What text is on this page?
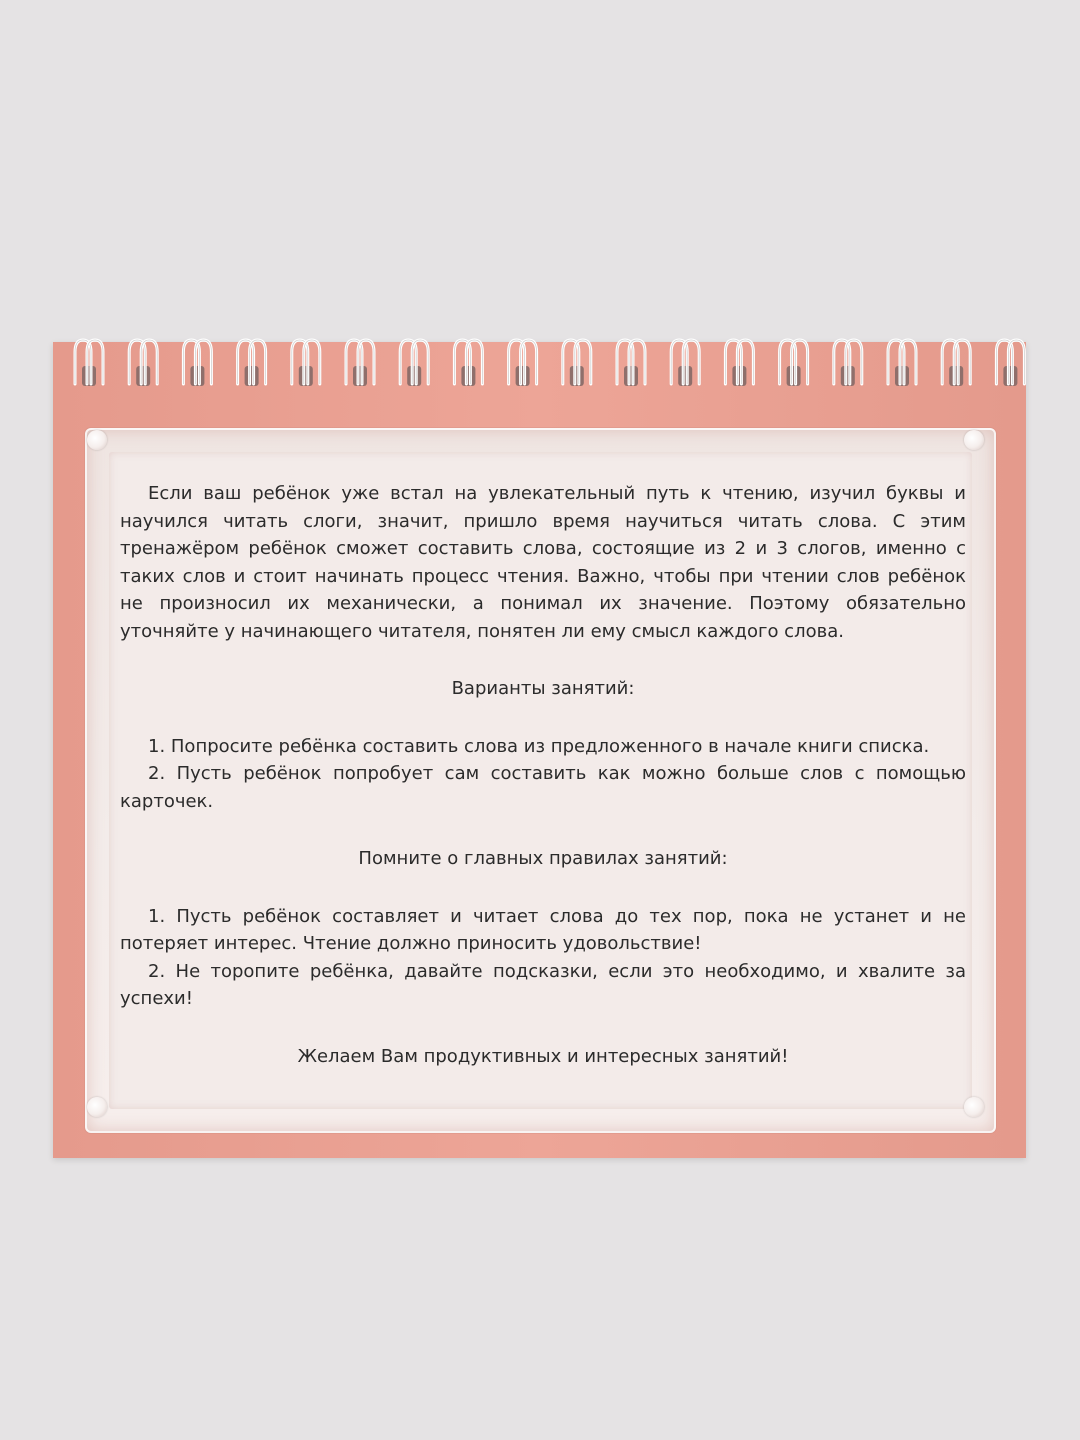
Если ваш ребёнок уже встал на увлекательный путь к чтению, изучил буквы и научился читать слоги, значит, пришло время научиться читать слова. С этим тренажёром ребёнок сможет составить слова, состоящие из 2 и 3 слогов, именно с таких слов и стоит начинать процесс чтения. Важно, чтобы при чтении слов ребёнок не произносил их механически, а понимал их значение. Поэтому обязательно уточняйте у начинающего читателя, понятен ли ему смысл каждого слова.

Варианты занятий:

1. Попросите ребёнка составить слова из предложенного в начале книги списка.

2. Пусть ребёнок попробует сам составить как можно больше слов с помощью карточек.

Помните о главных правилах занятий:

1. Пусть ребёнок составляет и читает слова до тех пор, пока не устанет и не потеряет интерес. Чтение должно приносить удовольствие!

2. Не торопите ребёнка, давайте подсказки, если это необходимо, и хвалите за успехи!

Желаем Вам продуктивных и интересных занятий!
